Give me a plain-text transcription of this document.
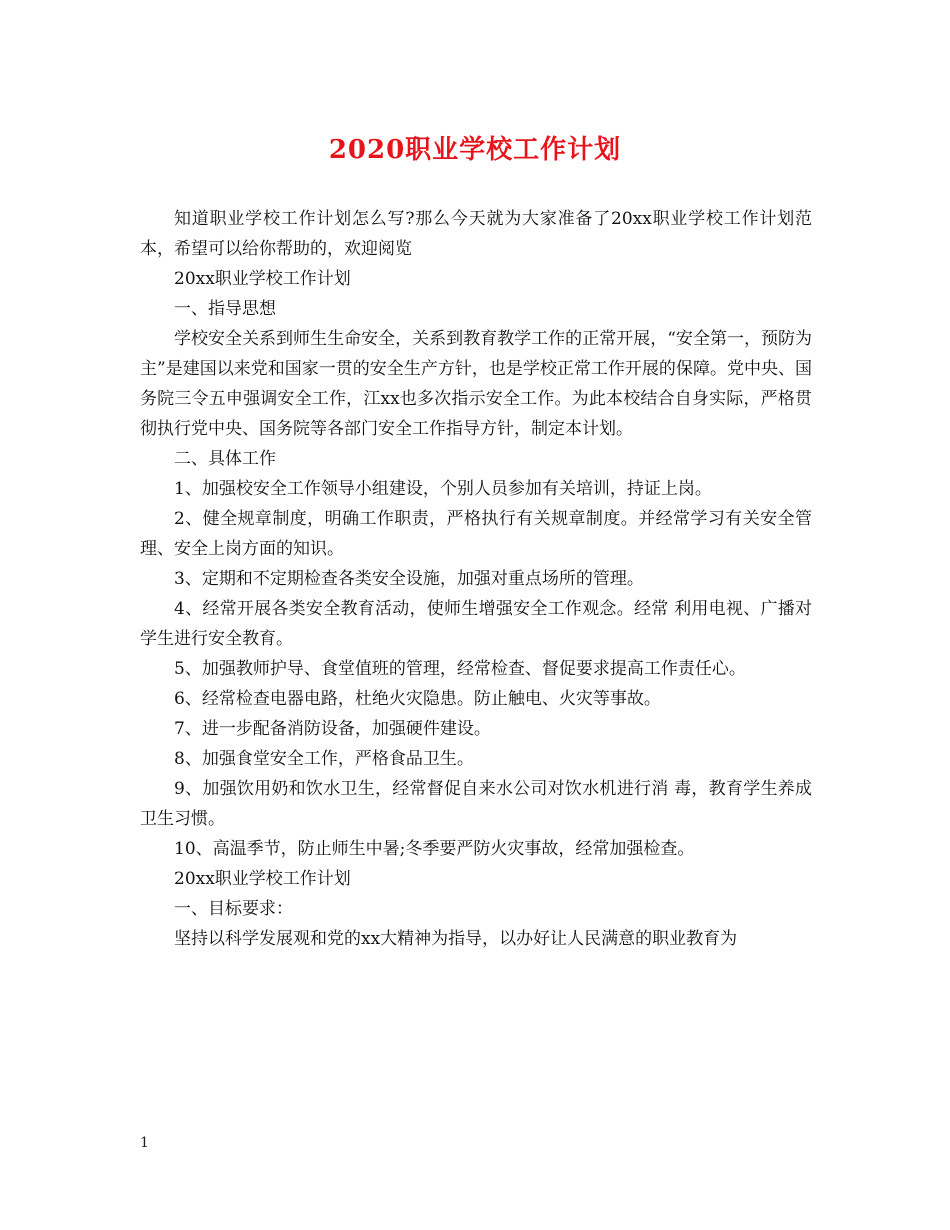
2020职业学校工作计划

知道职业学校工作计划怎么写?那么今天就为大家准备了20xx职业学校工作计划范本，希望可以给你帮助的，欢迎阅览

20xx职业学校工作计划

一、指导思想

学校安全关系到师生生命安全，关系到教育教学工作的正常开展，“安全第一，预防为主”是建国以来党和国家一贯的安全生产方针，也是学校正常工作开展的保障。党中央、国务院三令五申强调安全工作，江xx也多次指示安全工作。为此本校结合自身实际，严格贯彻执行党中央、国务院等各部门安全工作指导方针，制定本计划。

二、具体工作

1、加强校安全工作领导小组建设，个别人员参加有关培训，持证上岗。

2、健全规章制度，明确工作职责，严格执行有关规章制度。并经常学习有关安全管理、安全上岗方面的知识。

3、定期和不定期检查各类安全设施，加强对重点场所的管理。

4、经常开展各类安全教育活动，使师生增强安全工作观念。经常 利用电视、广播对学生进行安全教育。

5、加强教师护导、食堂值班的管理，经常检查、督促要求提高工作责任心。

6、经常检查电器电路，杜绝火灾隐患。防止触电、火灾等事故。

7、进一步配备消防设备，加强硬件建设。

8、加强食堂安全工作，严格食品卫生。

9、加强饮用奶和饮水卫生，经常督促自来水公司对饮水机进行消 毒，教育学生养成卫生习惯。

10、高温季节，防止师生中暑;冬季要严防火灾事故，经常加强检查。

20xx职业学校工作计划

一、目标要求：

坚持以科学发展观和党的xx大精神为指导，以办好让人民满意的职业教育为

1
